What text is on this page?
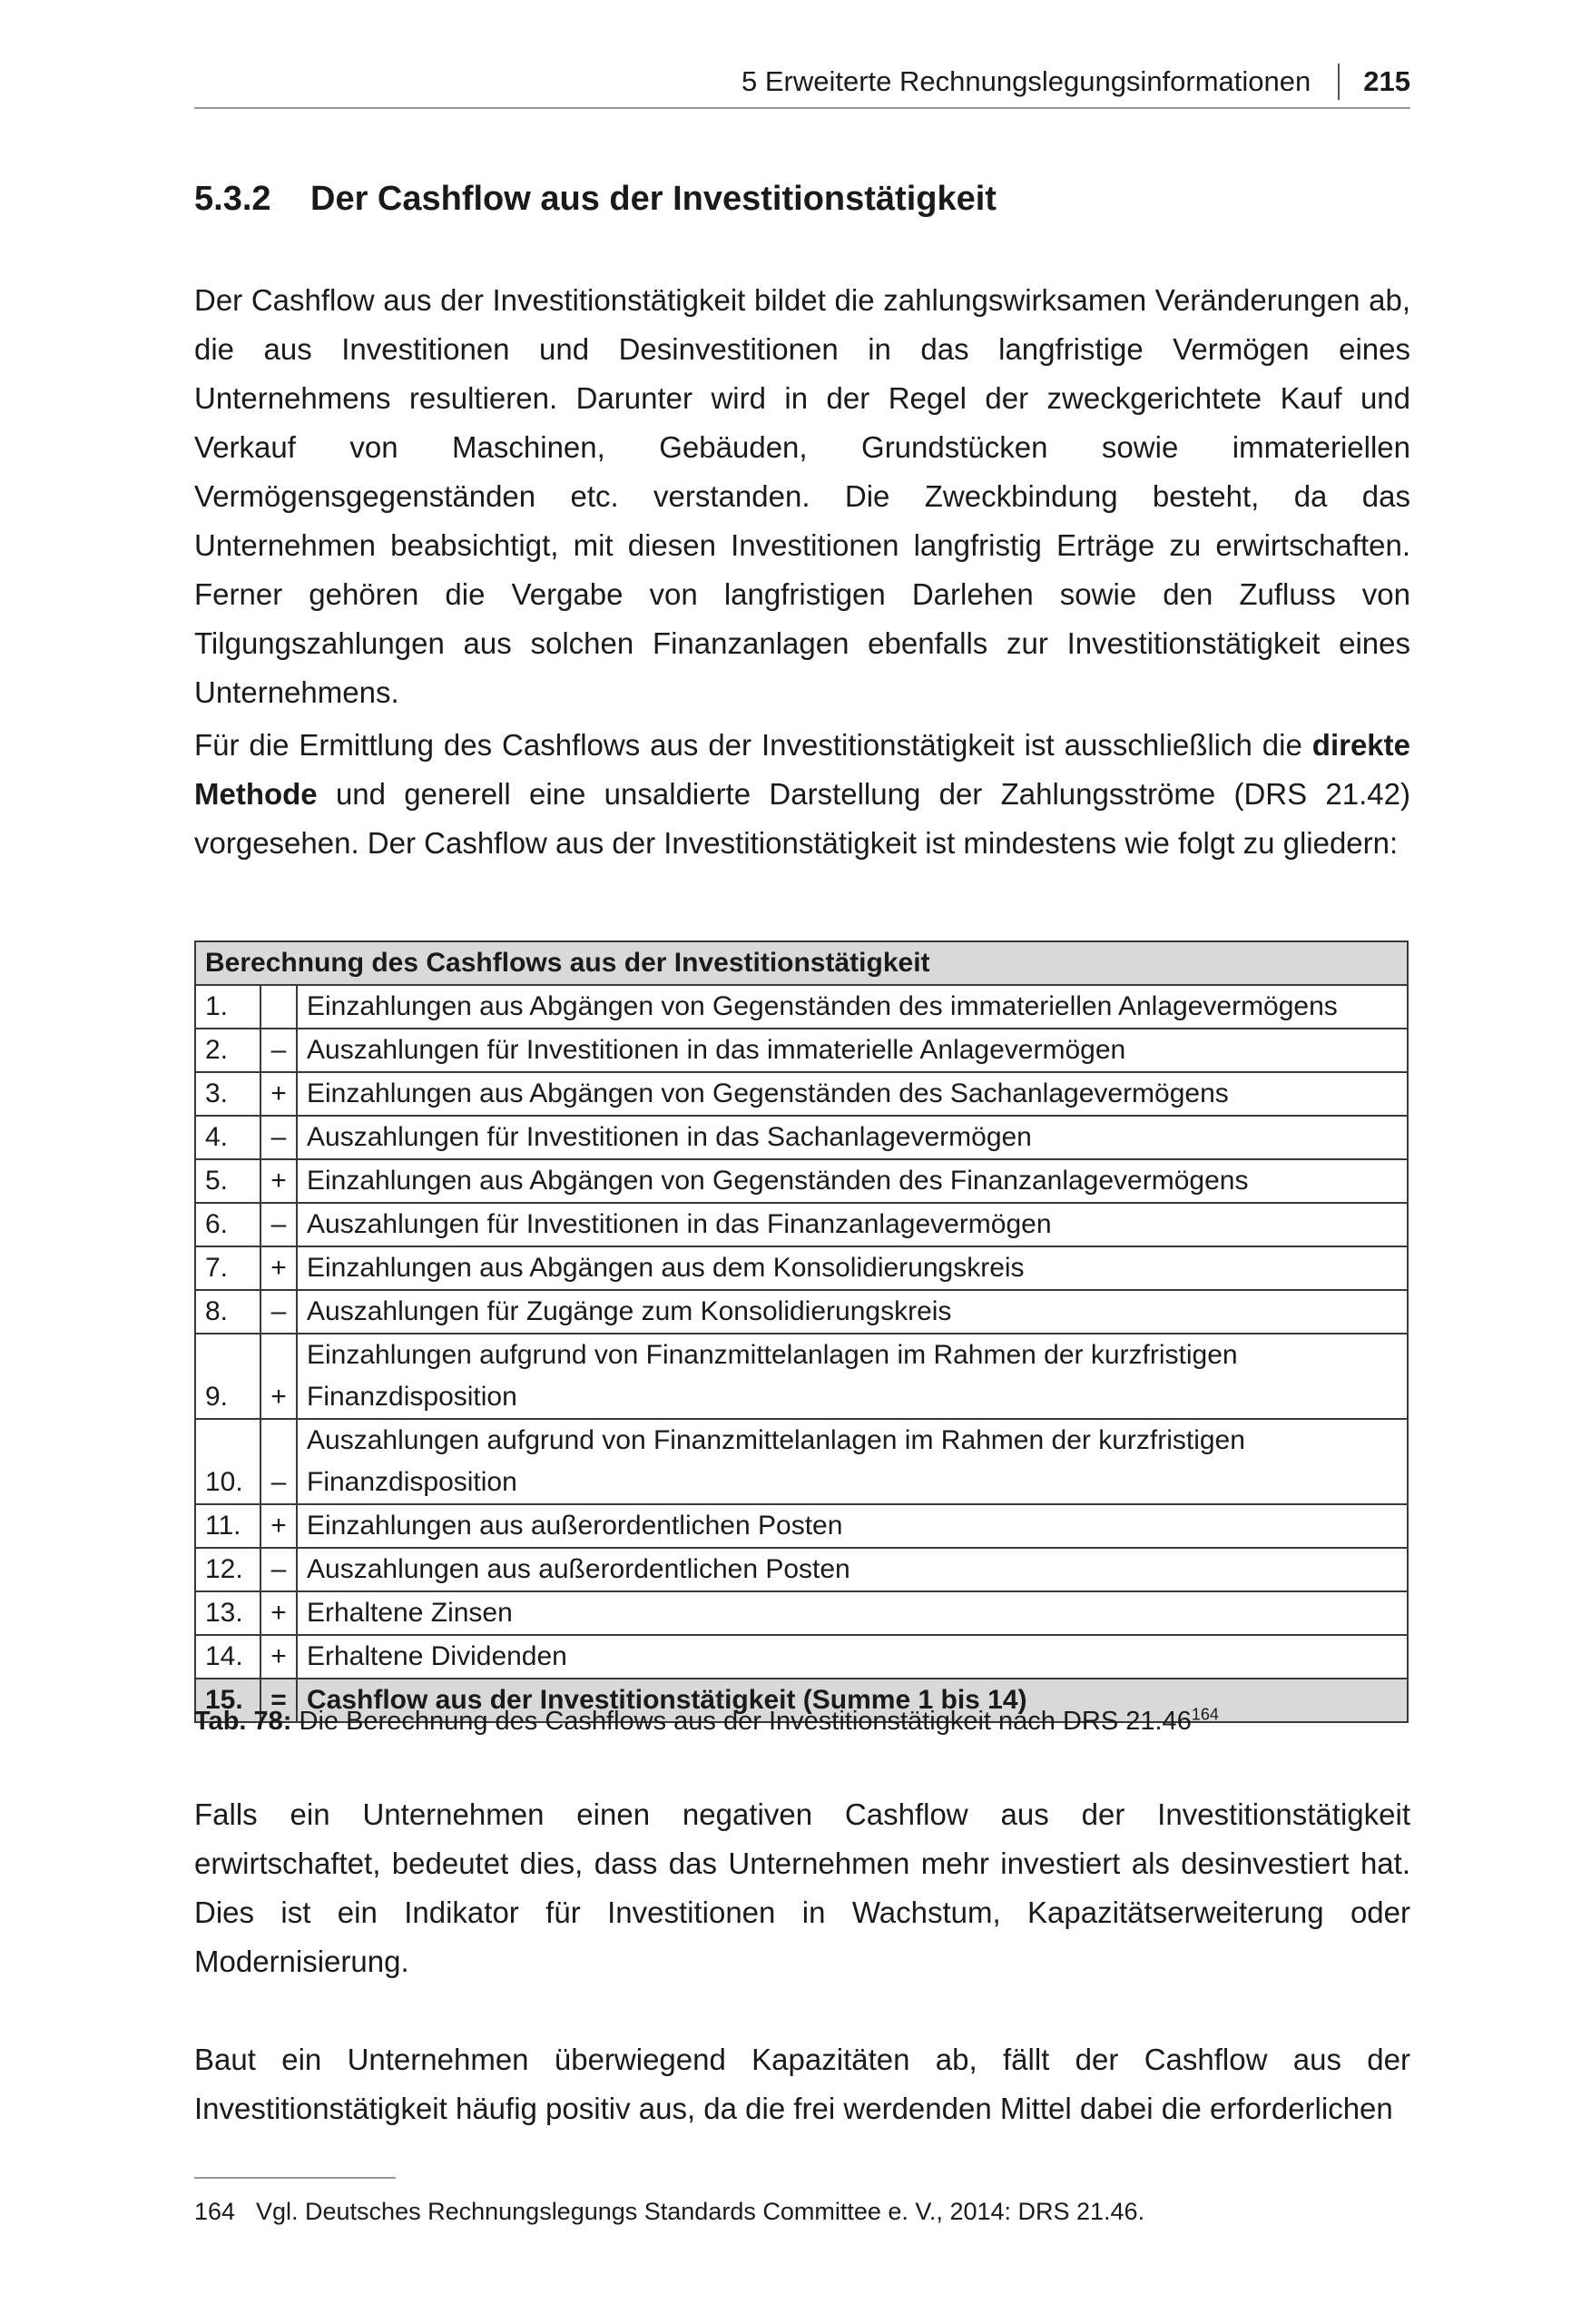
5 Erweiterte Rechnungslegungsinformationen 215
5.3.2 Der Cashflow aus der Investitionstätigkeit

Der Cashflow aus der Investitionstätigkeit bildet die zahlungswirksamen Veränderungen ab, die aus Investitionen und Desinvestitionen in das langfristige Vermögen eines Unternehmens resultieren. Darunter wird in der Regel der zweckgerichtete Kauf und Verkauf von Maschinen, Gebäuden, Grundstücken sowie immateriellen Vermögensgegenständen etc. verstanden. Die Zweckbindung besteht, da das Unternehmen beabsichtigt, mit diesen Investitionen langfristig Erträge zu erwirtschaften. Ferner gehören die Vergabe von langfristigen Darlehen sowie den Zufluss von Tilgungszahlungen aus solchen Finanzanlagen ebenfalls zur Investitionstätigkeit eines Unternehmens.

Für die Ermittlung des Cashflows aus der Investitionstätigkeit ist ausschließlich die direkte Methode und generell eine unsaldierte Darstellung der Zahlungsströme (DRS 21.42) vorgesehen. Der Cashflow aus der Investitionstätigkeit ist mindestens wie folgt zu gliedern:

Berechnung des Cashflows aus der Investitionstätigkeit		
1.		Einzahlungen aus Abgängen von Gegenständen des immateriellen Anlagevermögens
2.	–	Auszahlungen für Investitionen in das immaterielle Anlagevermögen
3.	+	Einzahlungen aus Abgängen von Gegenständen des Sachanlagevermögens
4.	–	Auszahlungen für Investitionen in das Sachanlagevermögen
5.	+	Einzahlungen aus Abgängen von Gegenständen des Finanzanlagevermögens
6.	–	Auszahlungen für Investitionen in das Finanzanlagevermögen
7.	+	Einzahlungen aus Abgängen aus dem Konsolidierungskreis
8.	–	Auszahlungen für Zugänge zum Konsolidierungskreis
9.	+	Einzahlungen aufgrund von Finanzmittelanlagen im Rahmen der kurzfristigen Finanzdisposition
10.	–	Auszahlungen aufgrund von Finanzmittelanlagen im Rahmen der kurzfristigen Finanzdisposition
11.	+	Einzahlungen aus außerordentlichen Posten
12.	–	Auszahlungen aus außerordentlichen Posten
13.	+	Erhaltene Zinsen
14.	+	Erhaltene Dividenden
15.	=	Cashflow aus der Investitionstätigkeit (Summe 1 bis 14)
Tab. 78: Die Berechnung des Cashflows aus der Investitionstätigkeit nach DRS 21.46$^{164}$

Falls ein Unternehmen einen negativen Cashflow aus der Investitionstätigkeit erwirtschaftet, bedeutet dies, dass das Unternehmen mehr investiert als desinvestiert hat. Dies ist ein Indikator für Investitionen in Wachstum, Kapazitätserweiterung oder Modernisierung.

Baut ein Unternehmen überwiegend Kapazitäten ab, fällt der Cashflow aus der Investitionstätigkeit häufig positiv aus, da die frei werdenden Mittel dabei die erforderlichen

164 Vgl. Deutsches Rechnungslegungs Standards Committee e. V., 2014: DRS 21.46.
